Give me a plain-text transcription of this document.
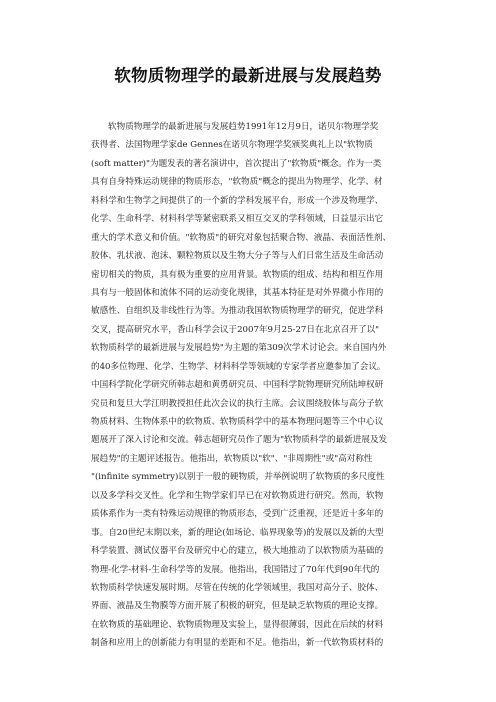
软物质物理学的最新进展与发展趋势
软物质物理学的最新进展与发展趋势1991年12月9日，诺贝尔物理学奖
获得者、法国物理学家de Gennes在诺贝尔物理学奖颁奖典礼上以"软物质
(soft matter)"为题发表的著名演讲中，首次提出了"软物质"概念。作为一类
具有自身特殊运动规律的物质形态，"软物质"概念的提出为物理学、化学、材
料科学和生物学之间提供了的一个新的学科发展平台，形成一个涉及物理学、
化学、生命科学、材料科学等紧密联系又相互交叉的学科领域，日益显示出它
重大的学术意义和价值。"软物质"的研究对象包括聚合物、液晶、表面活性剂、
胶体、乳状液、泡沫、颗粒物质以及生物大分子等与人们日常生活及生命活动
密切相关的物质，具有极为重要的应用背景。软物质的组成、结构和相互作用
具有与一般固体和流体不同的运动变化规律，其基本特征是对外界微小作用的
敏感性、自组织及非线性行为等。为推动我国软物质物理学的研究，促进学科
交叉，提高研究水平，香山科学会议于2007年9月25-27日在北京召开了以"
软物质科学的最新进展与发展趋势"为主题的第309次学术讨论会。来自国内外
的40多位物理、化学、生物学、材料科学等领域的专家学者应邀参加了会议。
中国科学院化学研究所韩志超和黄勇研究员、中国科学院物理研究所陆坤权研
究员和复旦大学江明教授担任此次会议的执行主席。会议围绕胶体与高分子软
物质材料、生物体系中的软物质、软物质科学中的基本物理问题等三个中心议
题展开了深入讨论和交流。韩志超研究员作了题为"软物质科学的最新进展及发
展趋势"的主题评述报告。他指出，软物质以"软"、"非周期性"或"高对称性
"(infinite symmetry)以别于一般的硬物质，并举例说明了软物质的多尺度性
以及多学科交叉性。化学和生物学家们早已在对软物质进行研究。然而，软物
质体系作为一类有特殊运动规律的物质形态，受到广泛重视，还是近十多年的
事。自20世纪末期以来，新的理论(如场论、临界现象等)的发展以及新的大型
科学装置、测试仪器平台及研究中心的建立，极大地推动了以软物质为基础的
物理-化学-材料-生命科学等的发展。他指出，我国错过了70年代到90年代的
软物质科学快速发展时期。尽管在传统的化学领域里，我国对高分子、胶体、
界面、液晶及生物膜等方面开展了积极的研究，但是缺乏软物质的理论支撑。
在软物质的基础理论、软物质物理及实验上，显得很薄弱，因此在后续的材料
制备和应用上的创新能力有明显的差距和不足。他指出，新一代软物质材料的
